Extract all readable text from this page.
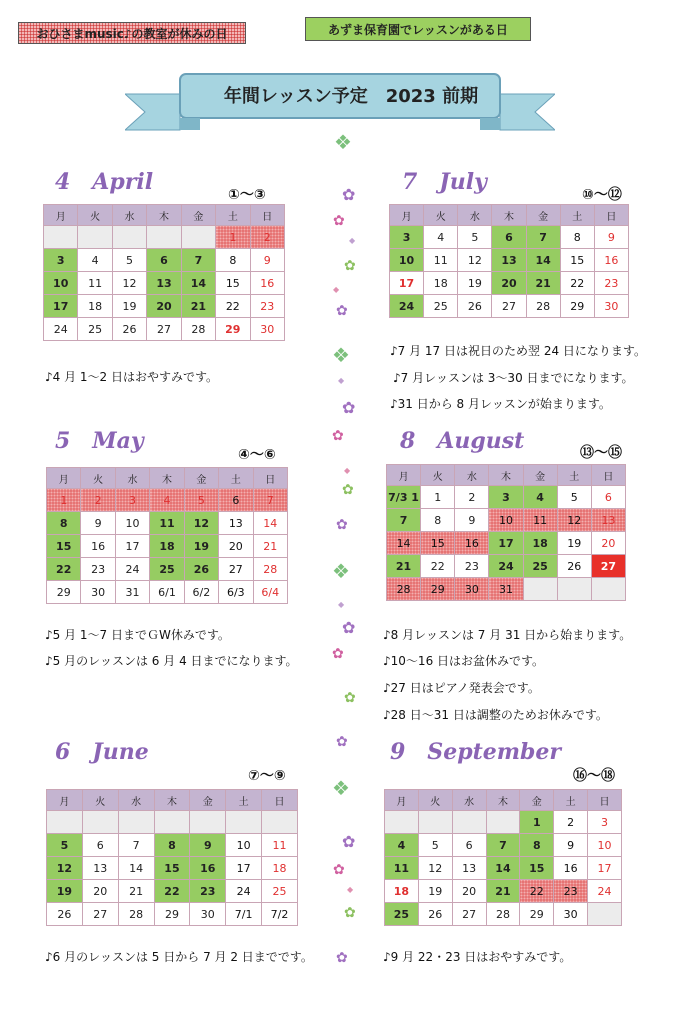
おひさまmusic♪の教室が休みの日	あずま保育園でレッスンがある日
年間レッスン予定　2023 前期
❖
✿
✿
◆
✿
◆
✿
❖
◆
✿
✿
◆
✿
✿
❖
◆
✿
✿
✿
✿
❖
✿
✿
◆
✿
✿
4　April	①〜③
月	火	水	木	金	土	日
					1	2
3	4	5	6	7	8	9
10	11	12	13	14	15	16
17	18	19	20	21	22	23
24	25	26	27	28	29	30
♪4 月 1〜2 日はおやすみです。
5　May
④〜⑥
月	火	水	木	金	土	日
1	2	3	4	5	6	7
8	9	10	11	12	13	14
15	16	17	18	19	20	21
22	23	24	25	26	27	28
29	30	31	6/1	6/2	6/3	6/4
♪5 月 1〜7 日までＧW休みです。
♪5 月のレッスンは 6 月 4 日までになります。
6　June
⑦〜⑨
月	火	水	木	金	土	日

5	6	7	8	9	10	11
12	13	14	15	16	17	18
19	20	21	22	23	24	25
26	27	28	29	30	7/1	7/2
♪6 月のレッスンは 5 日から 7 月 2 日までです。
7　July	⑩〜⑫
月	火	水	木	金	土	日
3	4	5	6	7	8	9
10	11	12	13	14	15	16
17	18	19	20	21	22	23
24	25	26	27	28	29	30
♪7 月 17 日は祝日のため翌 24 日になります。
♪7 月レッスンは 3〜30 日までになります。
♪31 日から 8 月レッスンが始まります。
8　August	⑬〜⑮
月	火	水	木	金	土	日
7/3 1	1	2	3	4	5	6
7	8	9	10	11	12	13
14	15	16	17	18	19	20
21	22	23	24	25	26	27
28	29	30	31			
♪8 月レッスンは 7 月 31 日から始まります。
♪10〜16 日はお盆休みです。
♪27 日はピアノ発表会です。
♪28 日〜31 日は調整のためお休みです。
9　September
⑯〜⑱
月	火	水	木	金	土	日
				1	2	3
4	5	6	7	8	9	10
11	12	13	14	15	16	17
18	19	20	21	22	23	24
25	26	27	28	29	30	
♪9 月 22・23 日はおやすみです。
